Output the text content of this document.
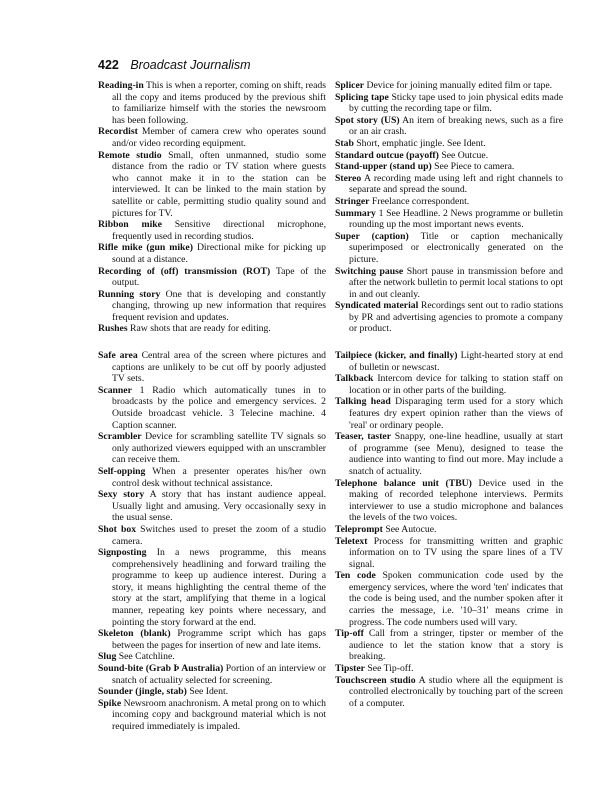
422 Broadcast Journalism

Reading-in This is when a reporter, coming on shift, reads all the copy and items produced by the previous shift to familiarize himself with the stories the newsroom has been following.

Recordist Member of camera crew who operates sound and/or video recording equipment.

Remote studio Small, often unmanned, studio some distance from the radio or TV station where guests who cannot make it in to the station can be interviewed. It can be linked to the main station by satellite or cable, permitting studio quality sound and pictures for TV.

Ribbon mike Sensitive directional microphone, frequently used in recording studios.

Rifle mike (gun mike) Directional mike for picking up sound at a distance.

Recording of (off) transmission (ROT) Tape of the output.

Running story One that is developing and constantly changing, throwing up new information that requires frequent revision and updates.

Rushes Raw shots that are ready for editing.

Splicer Device for joining manually edited film or tape.

Splicing tape Sticky tape used to join physical edits made by cutting the recording tape or film.

Spot story (US) An item of breaking news, such as a fire or an air crash.

Stab Short, emphatic jingle. See Ident.

Standard outcue (payoff) See Outcue.

Stand-upper (stand up) See Piece to camera.

Stereo A recording made using left and right channels to separate and spread the sound.

Stringer Freelance correspondent.

Summary 1 See Headline. 2 News programme or bulletin rounding up the most important news events.

Super (caption) Title or caption mechanically superimposed or electronically generated on the picture.

Switching pause Short pause in transmission before and after the network bulletin to permit local stations to opt in and out cleanly.

Syndicated material Recordings sent out to radio stations by PR and advertising agencies to promote a company or product.

Safe area Central area of the screen where pictures and captions are unlikely to be cut off by poorly adjusted TV sets.

Scanner 1 Radio which automatically tunes in to broadcasts by the police and emergency services. 2 Outside broadcast vehicle. 3 Telecine machine. 4 Caption scanner.

Scrambler Device for scrambling satellite TV signals so only authorized viewers equipped with an unscrambler can receive them.

Self-opping When a presenter operates his/her own control desk without technical assistance.

Sexy story A story that has instant audience appeal. Usually light and amusing. Very occasionally sexy in the usual sense.

Shot box Switches used to preset the zoom of a studio camera.

Signposting In a news programme, this means comprehensively headlining and forward trailing the programme to keep up audience interest. During a story, it means highlighting the central theme of the story at the start, amplifying that theme in a logical manner, repeating key points where necessary, and pointing the story forward at the end.

Skeleton (blank) Programme script which has gaps between the pages for insertion of new and late items.

Slug See Catchline.

Sound-bite (Grab Þ Australia) Portion of an interview or snatch of actuality selected for screening.

Sounder (jingle, stab) See Ident.

Spike Newsroom anachronism. A metal prong on to which incoming copy and background material which is not required immediately is impaled.

Tailpiece (kicker, and finally) Light-hearted story at end of bulletin or newscast.

Talkback Intercom device for talking to station staff on location or in other parts of the building.

Talking head Disparaging term used for a story which features dry expert opinion rather than the views of 'real' or ordinary people.

Teaser, taster Snappy, one-line headline, usually at start of programme (see Menu), designed to tease the audience into wanting to find out more. May include a snatch of actuality.

Telephone balance unit (TBU) Device used in the making of recorded telephone interviews. Permits interviewer to use a studio microphone and balances the levels of the two voices.

Teleprompt See Autocue.

Teletext Process for transmitting written and graphic information on to TV using the spare lines of a TV signal.

Ten code Spoken communication code used by the emergency services, where the word 'ten' indicates that the code is being used, and the number spoken after it carries the message, i.e. '10–31' means crime in progress. The code numbers used will vary.

Tip-off Call from a stringer, tipster or member of the audience to let the station know that a story is breaking.

Tipster See Tip-off.

Touchscreen studio A studio where all the equipment is controlled electronically by touching part of the screen of a computer.
